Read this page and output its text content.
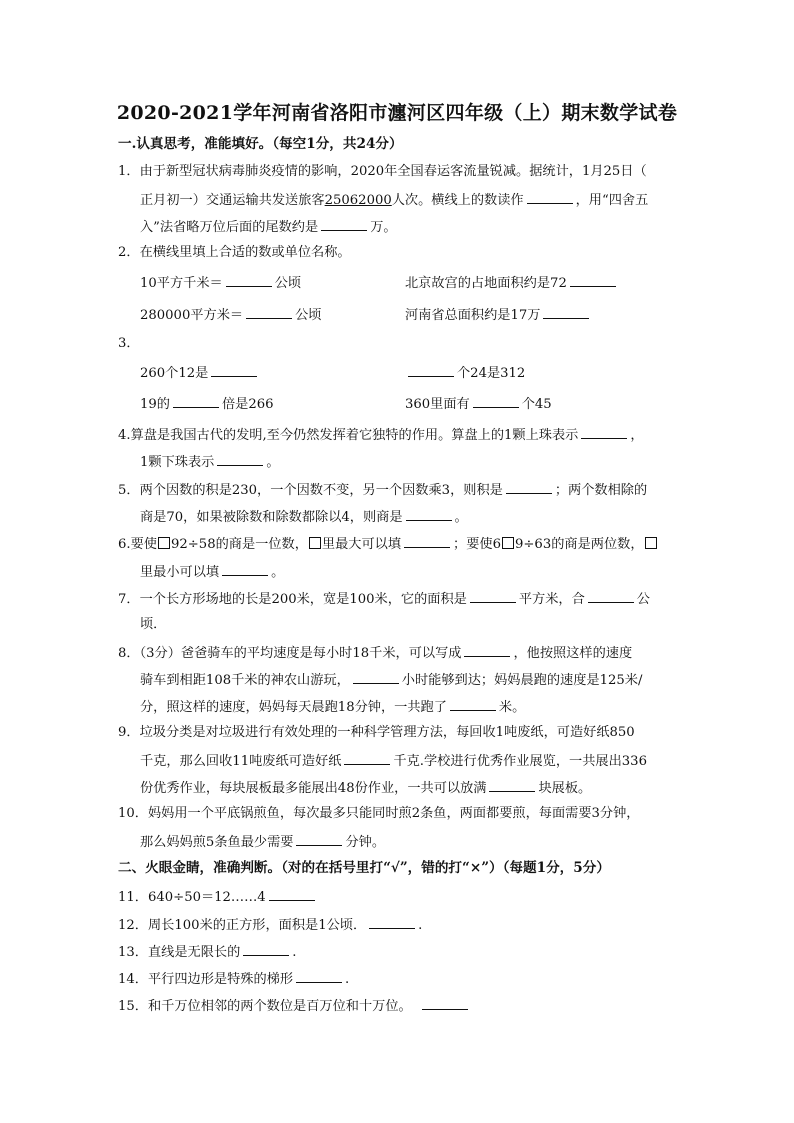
2020-2021学年河南省洛阳市瀍河区四年级（上）期末数学试卷
一.认真思考，准能填好。（每空1分，共24分）
1．由于新型冠状病毒肺炎疫情的影响，2020年全国春运客流量锐减。据统计，1月25日（
正月初一）交通运输共发送旅客25062000人次。横线上的数读作	，用“四舍五
入”法省略万位后面的尾数约是	万。
2．在横线里填上合适的数或单位名称。
10平方千米＝	公顷	北京故宫的占地面积约是72
280000平方米＝	公顷	河南省总面积约是17万
3．
260个12是	个24是312
19的	倍是266	360里面有	个45
4.算盘是我国古代的发明,至今仍然发挥着它独特的作用。算盘上的1颗上珠表示	，
1颗下珠表示	。
5．两个因数的积是230，一个因数不变，另一个因数乘3，则积是	；两个数相除的
商是70，如果被除数和除数都除以4，则商是	。
6.要使 92÷58的商是一位数， 里最大可以填	；要使6 9÷63的商是两位数，
里最小可以填	。
7．一个长方形场地的长是200米，宽是100米，它的面积是	平方米，合	公
顷．
8．（3分）爸爸骑车的平均速度是每小时18千米，可以写成	，他按照这样的速度
骑车到相距108千米的神农山游玩，	小时能够到达；妈妈晨跑的速度是125米/
分，照这样的速度，妈妈每天晨跑18分钟，一共跑了	米。
9．垃圾分类是对垃圾进行有效处理的一种科学管理方法，每回收1吨废纸，可造好纸850
千克，那么回收11吨废纸可造好纸	千克.学校进行优秀作业展览，一共展出336
份优秀作业，每块展板最多能展出48份作业，一共可以放满	块展板。
10．妈妈用一个平底锅煎鱼，每次最多只能同时煎2条鱼，两面都要煎，每面需要3分钟，
那么妈妈煎5条鱼最少需要	分钟。
二、火眼金睛，准确判断。（对的在括号里打“√”，错的打“×”）（每题1分，5分）
11．640÷50＝12……4
12．周长100米的正方形，面积是1公顷．	.
13．直线是无限长的	.
14．平行四边形是特殊的梯形	.
15．和千万位相邻的两个数位是百万位和十万位。
